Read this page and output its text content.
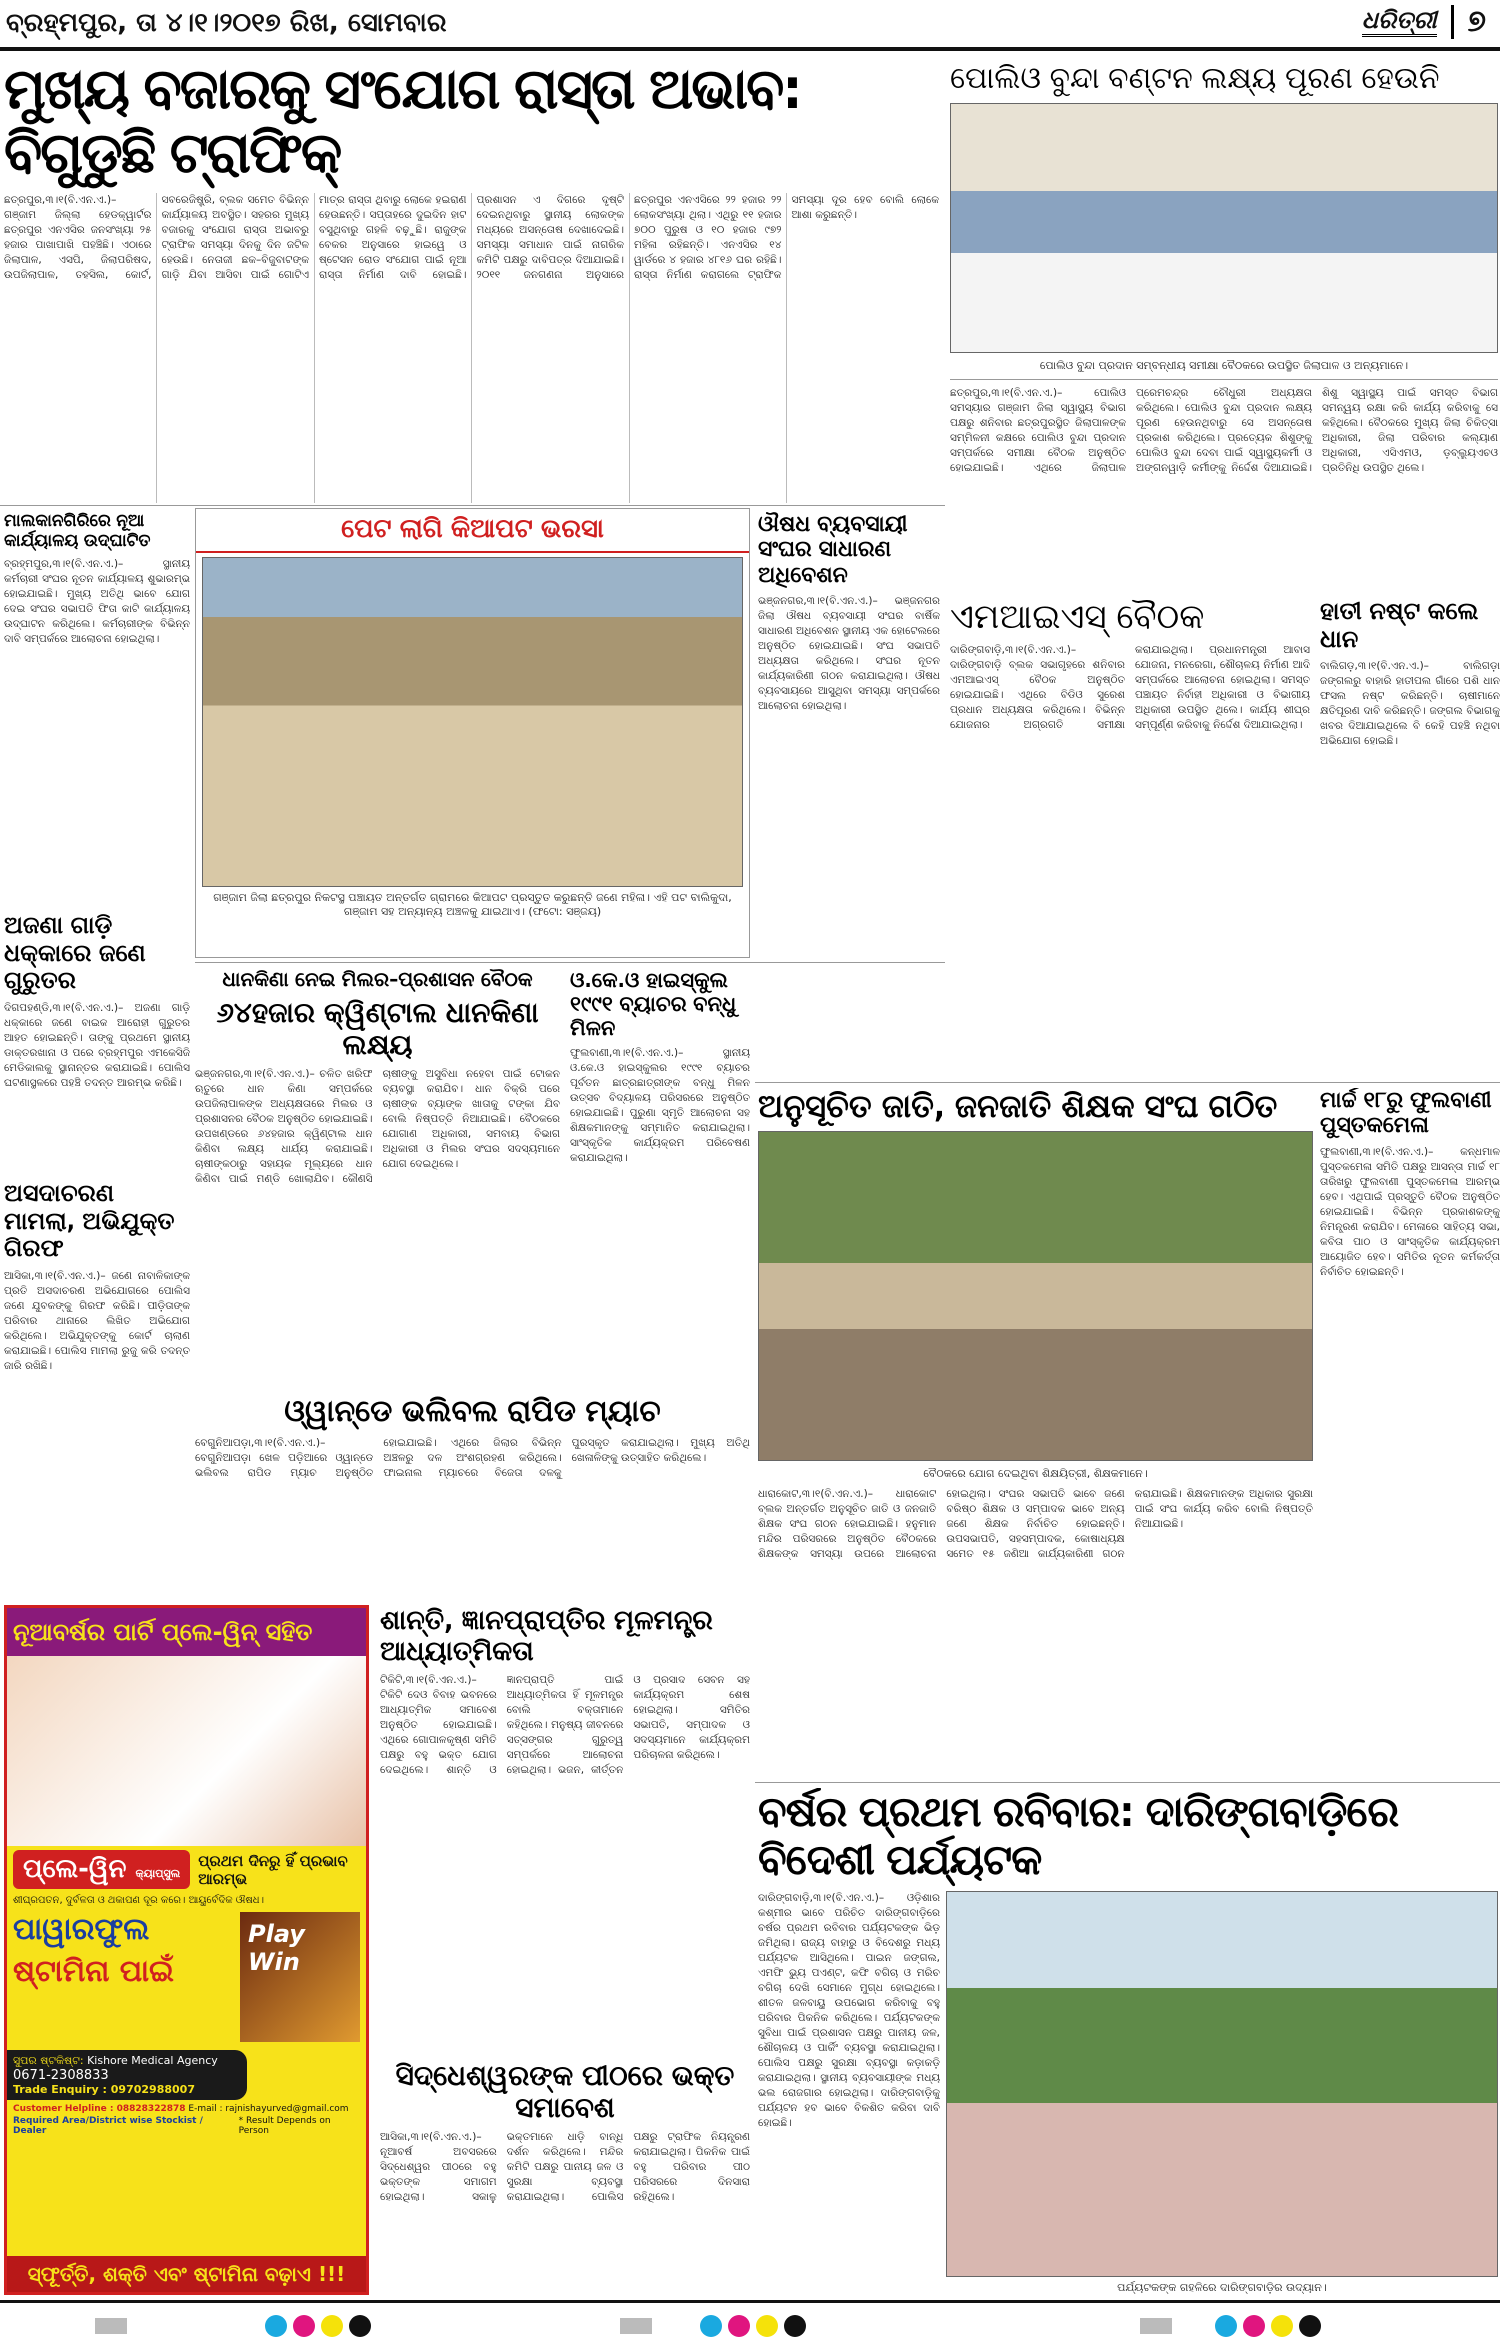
ବ୍ରହ୍ମପୁର, ତା ୪।୧।୨୦୧୭ ରିଖ, ସୋମବାର	ଧରିତ୍ରୀ ୭
ମୁଖ୍ୟ ବଜାରକୁ ସଂଯୋଗ ରାସ୍ତା ଅଭାବ: ବିଗୁଡୁଛି ଟ୍ରାଫିକ୍
ଛତ୍ରପୁର,୩।୧(ବି.ଏନ.ଏ.)– ଗଞ୍ଜାମ ଜିଲ୍ଲା ହେଡକ୍ୱାର୍ଟର ଛତ୍ରପୁର ଏନଏସିର ଜନସଂଖ୍ୟା ୨୫ ହଜାର ପାଖାପାଖି ପହଞ୍ଚିଛି। ଏଠାରେ ଜିଲାପାଳ, ଏସପି, ଜିଲାପରିଷଦ, ଉପଜିଲାପାଳ, ତହସିଲ, କୋର୍ଟ, ସବରେଜିଷ୍ଟ୍ରି, ବ୍ଲକ ସମେତ ବିଭିନ୍ନ କାର୍ଯ୍ୟାଳୟ ଅବସ୍ଥିତ। ସହରର ମୁଖ୍ୟ ବଜାରକୁ ସଂଯୋଗ ରାସ୍ତା ଅଭାବରୁ ଟ୍ରାଫିକ ସମସ୍ୟା ଦିନକୁ ଦିନ ଜଟିଳ ହେଉଛି। ନେତାଜୀ ଛକ–ବିଜୁବାଟଙ୍କ ଗାଡ଼ି ଯିବା ଆସିବା ପାଇଁ ଗୋଟିଏ ମାତ୍ର ରାସ୍ତା ଥିବାରୁ ଲୋକେ ହଇରାଣ ହେଉଛନ୍ତି। ସପ୍ତାହରେ ଦୁଇଦିନ ହାଟ ବସୁଥିବାରୁ ଗହଳି ବଢ଼ୁଛି। ରାଜୁଙ୍କ ବେକର ଅନୁସାରେ ହାଇୱେ ଓ ଷ୍ଟେସନ ରୋଡ ସଂଯୋଗ ପାଇଁ ନୂଆ ରାସ୍ତା ନିର୍ମାଣ ଦାବି ହୋଇଛି। ପ୍ରଶାସନ ଏ ଦିଗରେ ଦୃଷ୍ଟି ଦେଇନଥିବାରୁ ସ୍ଥାନୀୟ ଲୋକଙ୍କ ମଧ୍ୟରେ ଅସନ୍ତୋଷ ଦେଖାଦେଇଛି। ସମସ୍ୟା ସମାଧାନ ପାଇଁ ନାଗରିକ କମିଟି ପକ୍ଷରୁ ଦାବିପତ୍ର ଦିଆଯାଇଛି। ୨୦୧୧ ଜନଗଣନା ଅନୁସାରେ ଛତ୍ରପୁର ଏନଏସିରେ ୨୨ ହଜାର ୨୨ ଲୋକସଂଖ୍ୟା ଥିଲା। ଏଥିରୁ ୧୧ ହଜାର ୭୦୦ ପୁରୁଷ ଓ ୧୦ ହଜାର ୯୭୨ ମହିଳା ରହିଛନ୍ତି। ଏନଏସିର ୧୪ ୱାର୍ଡରେ ୪ ହଜାର ୪୮୧୬ ଘର ରହିଛି। ରାସ୍ତା ନିର୍ମାଣ କରାଗଲେ ଟ୍ରାଫିକ ସମସ୍ୟା ଦୂର ହେବ ବୋଲି ଲୋକେ ଆଶା କରୁଛନ୍ତି।
ପୋଲିଓ ବୁନ୍ଦା ବଣ୍ଟନ ଲକ୍ଷ୍ୟ ପୂରଣ ହେଉନି
ପୋଲିଓ ବୁନ୍ଦା ପ୍ରଦାନ ସମ୍ବନ୍ଧୀୟ ସମୀକ୍ଷା ବୈଠକରେ ଉପସ୍ଥିତ ଜିଲାପାଳ ଓ ଅନ୍ୟମାନେ।
ଛତ୍ରପୁର,୩।୧(ବି.ଏନ.ଏ.)– ପୋଲିଓ ସମସ୍ୟାର ଗଞ୍ଜାମ ଜିଲା ସ୍ୱାସ୍ଥ୍ୟ ବିଭାଗ ପକ୍ଷରୁ ଶନିବାର ଛତ୍ରପୁରସ୍ଥିତ ଜିଲାପାଳଙ୍କ ସମ୍ମିଳନୀ କକ୍ଷରେ ପୋଲିଓ ବୁନ୍ଦା ପ୍ରଦାନ ସମ୍ପର୍କରେ ସମୀକ୍ଷା ବୈଠକ ଅନୁଷ୍ଠିତ ହୋଇଯାଇଛି। ଏଥିରେ ଜିଲାପାଳ ପ୍ରେମଚନ୍ଦ୍ର ଚୌଧୁରୀ ଅଧ୍ୟକ୍ଷତା କରିଥିଲେ। ପୋଲିଓ ବୁନ୍ଦା ପ୍ରଦାନ ଲକ୍ଷ୍ୟ ପୂରଣ ହେଉନଥିବାରୁ ସେ ଅସନ୍ତୋଷ ପ୍ରକାଶ କରିଥିଲେ। ପ୍ରତ୍ୟେକ ଶିଶୁଙ୍କୁ ପୋଲିଓ ବୁନ୍ଦା ଦେବା ପାଇଁ ସ୍ୱାସ୍ଥ୍ୟକର୍ମୀ ଓ ଅଙ୍ଗନୱାଡ଼ି କର୍ମୀଙ୍କୁ ନିର୍ଦ୍ଦେଶ ଦିଆଯାଇଛି। ଶିଶୁ ସ୍ୱାସ୍ଥ୍ୟ ପାଇଁ ସମସ୍ତ ବିଭାଗ ସମନ୍ୱୟ ରକ୍ଷା କରି କାର୍ଯ୍ୟ କରିବାକୁ ସେ କହିଥିଲେ। ବୈଠକରେ ମୁଖ୍ୟ ଜିଲା ଚିକିତ୍ସା ଅଧିକାରୀ, ଜିଲା ପରିବାର କଲ୍ୟାଣ ଅଧିକାରୀ, ଏସିଏମଓ, ଡ଼ବ୍ଲ୍ୟୁଏଚଓ ପ୍ରତିନିଧି ଉପସ୍ଥିତ ଥିଲେ।
ଏମଆଇଏସ୍ ବୈଠକ
ଦାରିଙ୍ଗବାଡ଼ି,୩।୧(ବି.ଏନ.ଏ.)– ଦାରିଙ୍ଗବାଡ଼ି ବ୍ଲକ ସଭାଗୃହରେ ଶନିବାର ଏମଆଇଏସ୍ ବୈଠକ ଅନୁଷ୍ଠିତ ହୋଇଯାଇଛି। ଏଥିରେ ବିଡିଓ ସୁରେଶ ପ୍ରଧାନ ଅଧ୍ୟକ୍ଷତା କରିଥିଲେ। ବିଭିନ୍ନ ଯୋଜନାର ଅଗ୍ରଗତି ସମୀକ୍ଷା କରାଯାଇଥିଲା। ପ୍ରଧାନମନ୍ତ୍ରୀ ଆବାସ ଯୋଜନା, ମନରେଗା, ଶୌଚାଳୟ ନିର୍ମାଣ ଆଦି ସମ୍ପର୍କରେ ଆଲୋଚନା ହୋଇଥିଲା। ସମସ୍ତ ପଞ୍ଚାୟତ ନିର୍ବାହୀ ଅଧିକାରୀ ଓ ବିଭାଗୀୟ ଅଧିକାରୀ ଉପସ୍ଥିତ ଥିଲେ। କାର୍ଯ୍ୟ ଶୀଘ୍ର ସମ୍ପୂର୍ଣ୍ଣ କରିବାକୁ ନିର୍ଦ୍ଦେଶ ଦିଆଯାଇଥିଲା।
ହାତୀ ନଷ୍ଟ କଲେ ଧାନ
ବାଲିଗଡ଼,୩।୧(ବି.ଏନ.ଏ.)– ବାଲିଗଡ଼ା ଜଙ୍ଗଲରୁ ବାହାରି ହାତୀପଲ ଗାଁରେ ପଶି ଧାନ ଫସଲ ନଷ୍ଟ କରିଛନ୍ତି। ଚାଷୀମାନେ କ୍ଷତିପୂରଣ ଦାବି କରିଛନ୍ତି। ଜଙ୍ଗଲ ବିଭାଗକୁ ଖବର ଦିଆଯାଇଥିଲେ ବି କେହି ପହଞ୍ଚି ନଥିବା ଅଭିଯୋଗ ହୋଇଛି।
ମାଲକାନଗିରିରେ ନୂଆ କାର୍ଯ୍ୟାଳୟ ଉଦ୍‌ଘାଟିତ
ବ୍ରହ୍ମପୁର,୩।୧(ବି.ଏନ.ଏ.)– ସ୍ଥାନୀୟ କର୍ମଚାରୀ ସଂଘର ନୂତନ କାର୍ଯ୍ୟାଳୟ ଶୁଭାରମ୍ଭ ହୋଇଯାଇଛି। ମୁଖ୍ୟ ଅତିଥି ଭାବେ ଯୋଗ ଦେଇ ସଂଘର ସଭାପତି ଫିତା କାଟି କାର୍ଯ୍ୟାଳୟ ଉଦ୍‌ଘାଟନ କରିଥିଲେ। କର୍ମଚାରୀଙ୍କ ବିଭିନ୍ନ ଦାବି ସମ୍ପର୍କରେ ଆଲୋଚନା ହୋଇଥିଲା।
ଅଜଣା ଗାଡ଼ି ଧକ୍କାରେ ଜଣେ ଗୁରୁତର
ଦିଗପହଣ୍ଡି,୩।୧(ବି.ଏନ.ଏ.)– ଅଜଣା ଗାଡ଼ି ଧକ୍କାରେ ଜଣେ ବାଇକ ଆରୋହୀ ଗୁରୁତର ଆହତ ହୋଇଛନ୍ତି। ତାଙ୍କୁ ପ୍ରଥମେ ସ୍ଥାନୀୟ ଡାକ୍ତରଖାନା ଓ ପରେ ବ୍ରହ୍ମପୁର ଏମକେସିଜି ମେଡିକାଲକୁ ସ୍ଥାନାନ୍ତର କରାଯାଇଛି। ପୋଲିସ ଘଟଣାସ୍ଥଳରେ ପହଞ୍ଚି ତଦନ୍ତ ଆରମ୍ଭ କରିଛି।
ଅସଦାଚରଣ ମାମଲା, ଅଭିଯୁକ୍ତ ଗିରଫ
ଆସିକା,୩।୧(ବି.ଏନ.ଏ.)– ଜଣେ ନାବାଳିକାଙ୍କ ପ୍ରତି ଅସଦାଚରଣ ଅଭିଯୋଗରେ ପୋଲିସ ଜଣେ ଯୁବକଙ୍କୁ ଗିରଫ କରିଛି। ପୀଡ଼ିତାଙ୍କ ପରିବାର ଥାନାରେ ଲିଖିତ ଅଭିଯୋଗ କରିଥିଲେ। ଅଭିଯୁକ୍ତଙ୍କୁ କୋର୍ଟ ଚାଲାଣ କରାଯାଇଛି। ପୋଲିସ ମାମଲା ରୁଜୁ କରି ତଦନ୍ତ ଜାରି ରଖିଛି।
ପେଟ ଲାଗି କିଆପଟ ଭରସା
ଗଞ୍ଜାମ ଜିଲା ଛତ୍ରପୁର ନିକଟସ୍ଥ ପଞ୍ଚାୟତ ଅନ୍ତର୍ଗତ ଗ୍ରାମରେ କିଆପଟ ପ୍ରସ୍ତୁତ କରୁଛନ୍ତି ଜଣେ ମହିଳା। ଏହି ପଟ ବାଲିକୁଦା, ଗଞ୍ଜାମ ସହ ଅନ୍ୟାନ୍ୟ ଅଞ୍ଚଳକୁ ଯାଇଥାଏ। (ଫଟୋ: ସଞ୍ଜୟ)
ଔଷଧ ବ୍ୟବସାୟୀ ସଂଘର ସାଧାରଣ ଅଧିବେଶନ
ଭଞ୍ଜନଗର,୩।୧(ବି.ଏନ.ଏ.)– ଭଞ୍ଜନଗର ଜିଲା ଔଷଧ ବ୍ୟବସାୟୀ ସଂଘର ବାର୍ଷିକ ସାଧାରଣ ଅଧିବେଶନ ସ୍ଥାନୀୟ ଏକ ହୋଟେଲରେ ଅନୁଷ୍ଠିତ ହୋଇଯାଇଛି। ସଂଘ ସଭାପତି ଅଧ୍ୟକ୍ଷତା କରିଥିଲେ। ସଂଘର ନୂତନ କାର୍ଯ୍ୟକାରିଣୀ ଗଠନ କରାଯାଇଥିଲା। ଔଷଧ ବ୍ୟବସାୟରେ ଆସୁଥିବା ସମସ୍ୟା ସମ୍ପର୍କରେ ଆଲୋଚନା ହୋଇଥିଲା।
ଧାନକିଣା ନେଇ ମିଲର–ପ୍ରଶାସନ ବୈଠକ
୬୪ହଜାର କ୍ୱିଣ୍ଟାଲ ଧାନକିଣା ଲକ୍ଷ୍ୟ
ଭଞ୍ଜନଗର,୩।୧(ବି.ଏନ.ଏ.)– ଚଳିତ ଖରିଫ ଋତୁରେ ଧାନ କିଣା ସମ୍ପର୍କରେ ଉପଜିଲାପାଳଙ୍କ ଅଧ୍ୟକ୍ଷତାରେ ମିଲର ଓ ପ୍ରଶାସନର ବୈଠକ ଅନୁଷ୍ଠିତ ହୋଇଯାଇଛି। ଉପଖଣ୍ଡରେ ୬୪ହଜାର କ୍ୱିଣ୍ଟାଲ ଧାନ କିଣିବା ଲକ୍ଷ୍ୟ ଧାର୍ଯ୍ୟ କରାଯାଇଛି। ଚାଷୀଙ୍କଠାରୁ ସହାୟକ ମୂଲ୍ୟରେ ଧାନ କିଣିବା ପାଇଁ ମଣ୍ଡି ଖୋଲାଯିବ। କୌଣସି ଚାଷୀଙ୍କୁ ଅସୁବିଧା ନହେବା ପାଇଁ ଟୋକନ ବ୍ୟବସ୍ଥା କରାଯିବ। ଧାନ ବିକ୍ରି ପରେ ଚାଷୀଙ୍କ ବ୍ୟାଙ୍କ ଖାତାକୁ ଟଙ୍କା ଯିବ ବୋଲି ନିଷ୍ପତ୍ତି ନିଆଯାଇଛି। ବୈଠକରେ ଯୋଗାଣ ଅଧିକାରୀ, ସମବାୟ ବିଭାଗ ଅଧିକାରୀ ଓ ମିଲର ସଂଘର ସଦସ୍ୟମାନେ ଯୋଗ ଦେଇଥିଲେ।
ଓ.କେ.ଓ ହାଇସ୍କୁଲ ୧୯୯୧ ବ୍ୟାଚର ବନ୍ଧୁ ମିଳନ
ଫୁଲବାଣୀ,୩।୧(ବି.ଏନ.ଏ.)– ସ୍ଥାନୀୟ ଓ.କେ.ଓ ହାଇସ୍କୁଲର ୧୯୯୧ ବ୍ୟାଚର ପୂର୍ବତନ ଛାତ୍ରଛାତ୍ରୀଙ୍କ ବନ୍ଧୁ ମିଳନ ଉତ୍ସବ ବିଦ୍ୟାଳୟ ପରିସରରେ ଅନୁଷ୍ଠିତ ହୋଇଯାଇଛି। ପୁରୁଣା ସ୍ମୃତି ଆଲୋଚନା ସହ ଶିକ୍ଷକମାନଙ୍କୁ ସମ୍ମାନିତ କରାଯାଇଥିଲା। ସାଂସ୍କୃତିକ କାର୍ଯ୍ୟକ୍ରମ ପରିବେଷଣ କରାଯାଇଥିଲା।
ଓ୍ୱାନ୍‌ଡେ ଭଲିବଲ ରାପିଡ ମ୍ୟାଚ
ବେଗୁନିଆପଡ଼ା,୩।୧(ବି.ଏନ.ଏ.)– ବେଗୁନିଆପଡ଼ା ଖେଳ ପଡ଼ିଆରେ ଓ୍ୱାନ୍‌ଡେ ଭଲିବଲ ରାପିଡ ମ୍ୟାଚ ଅନୁଷ୍ଠିତ ହୋଇଯାଇଛି। ଏଥିରେ ଜିଲାର ବିଭିନ୍ନ ଅଞ୍ଚଳରୁ ଦଳ ଅଂଶଗ୍ରହଣ କରିଥିଲେ। ଫାଇନାଲ ମ୍ୟାଚରେ ବିଜେତା ଦଳକୁ ପୁରସ୍କୃତ କରାଯାଇଥିଲା। ମୁଖ୍ୟ ଅତିଥି ଖେଳାଳିଙ୍କୁ ଉତ୍ସାହିତ କରିଥିଲେ।
ଅନୁସୂଚିତ ଜାତି, ଜନଜାତି ଶିକ୍ଷକ ସଂଘ ଗଠିତ
ବୈଠକରେ ଯୋଗ ଦେଇଥିବା ଶିକ୍ଷୟିତ୍ରୀ, ଶିକ୍ଷକମାନେ।
ଧାରାକୋଟ,୩।୧(ବି.ଏନ.ଏ.)– ଧାରାକୋଟ ବ୍ଲକ ଅନ୍ତର୍ଗତ ଅନୁସୂଚିତ ଜାତି ଓ ଜନଜାତି ଶିକ୍ଷକ ସଂଘ ଗଠନ ହୋଇଯାଇଛି। ହନୁମାନ ମନ୍ଦିର ପରିସରରେ ଅନୁଷ୍ଠିତ ବୈଠକରେ ଶିକ୍ଷକଙ୍କ ସମସ୍ୟା ଉପରେ ଆଲୋଚନା ହୋଇଥିଲା। ସଂଘର ସଭାପତି ଭାବେ ଜଣେ ବରିଷ୍ଠ ଶିକ୍ଷକ ଓ ସମ୍ପାଦକ ଭାବେ ଅନ୍ୟ ଜଣେ ଶିକ୍ଷକ ନିର୍ବାଚିତ ହୋଇଛନ୍ତି। ଉପସଭାପତି, ସହସମ୍ପାଦକ, କୋଷାଧ୍ୟକ୍ଷ ସମେତ ୧୫ ଜଣିଆ କାର୍ଯ୍ୟକାରିଣୀ ଗଠନ କରାଯାଇଛି। ଶିକ୍ଷକମାନଙ୍କ ଅଧିକାର ସୁରକ୍ଷା ପାଇଁ ସଂଘ କାର୍ଯ୍ୟ କରିବ ବୋଲି ନିଷ୍ପତ୍ତି ନିଆଯାଇଛି।
ମାର୍ଚ୍ଚ ୧୮ରୁ ଫୁଲବାଣୀ ପୁସ୍ତକମେଳା
ଫୁଲବାଣୀ,୩।୧(ବି.ଏନ.ଏ.)– କନ୍ଧମାଳ ପୁସ୍ତକମେଳା ସମିତି ପକ୍ଷରୁ ଆସନ୍ତା ମାର୍ଚ୍ଚ ୧୮ ତାରିଖରୁ ଫୁଲବାଣୀ ପୁସ୍ତକମେଳା ଆରମ୍ଭ ହେବ। ଏଥିପାଇଁ ପ୍ରସ୍ତୁତି ବୈଠକ ଅନୁଷ୍ଠିତ ହୋଇଯାଇଛି। ବିଭିନ୍ନ ପ୍ରକାଶକଙ୍କୁ ନିମନ୍ତ୍ରଣ କରାଯିବ। ମେଳାରେ ସାହିତ୍ୟ ସଭା, କବିତା ପାଠ ଓ ସାଂସ୍କୃତିକ କାର୍ଯ୍ୟକ୍ରମ ଆୟୋଜିତ ହେବ। ସମିତିର ନୂତନ କର୍ମକର୍ତ୍ତା ନିର୍ବାଚିତ ହୋଇଛନ୍ତି।
ନୂଆବର୍ଷର ପାର୍ଟି ପ୍ଲେ-ୱିନ୍ ସହିତ
ପ୍ଲେ-ୱିନ କ୍ୟାପ୍ସୁଲ
ପ୍ରଥମ ଦିନରୁ ହିଁ ପ୍ରଭାବ ଆରମ୍ଭ
ଶୀଘ୍ରପତନ, ଦୁର୍ବଳତା ଓ ଥକାପଣ ଦୂର କରେ। ଆୟୁର୍ବେଦିକ ଔଷଧ।
ପାୱାରଫୁଲ
ଷ୍ଟାମିନା ପାଇଁ
Play Win
ସୁପର ଷ୍ଟକିଷ୍ଟ: Kishore Medical Agency
0671-2308833
Trade Enquiry : 09702988007
Customer Helpline : 08828322878 E-mail : rajnishayurved@gmail.com
Required Area/District wise Stockist / Dealer
* Result Depends on Person
ସ୍ଫୂର୍ତ୍ତି, ଶକ୍ତି ଏବଂ ଷ୍ଟାମିନା ବଢ଼ାଏ !!!
ଶାନ୍ତି, ଜ୍ଞାନପ୍ରାପ୍ତିର ମୂଳମନ୍ତ୍ର ଆଧ୍ୟାତ୍ମିକତା
ଟିକିଟି,୩।୧(ବି.ଏନ.ଏ.)– ଟିକିଟି ଦେଓ ବିବାହ ଭବନରେ ଆଧ୍ୟାତ୍ମିକ ସମାବେଶ ଅନୁଷ୍ଠିତ ହୋଇଯାଇଛି। ଏଥିରେ ଗୋପାଳକୃଷ୍ଣ ସମିତି ପକ୍ଷରୁ ବହୁ ଭକ୍ତ ଯୋଗ ଦେଇଥିଲେ। ଶାନ୍ତି ଓ ଜ୍ଞାନପ୍ରାପ୍ତି ପାଇଁ ଆଧ୍ୟାତ୍ମିକତା ହିଁ ମୂଳମନ୍ତ୍ର ବୋଲି ବକ୍ତାମାନେ କହିଥିଲେ। ମନୁଷ୍ୟ ଜୀବନରେ ସତ୍‌ସଙ୍ଗର ଗୁରୁତ୍ୱ ସମ୍ପର୍କରେ ଆଲୋଚନା ହୋଇଥିଲା। ଭଜନ, କୀର୍ତ୍ତନ ଓ ପ୍ରସାଦ ସେବନ ସହ କାର୍ଯ୍ୟକ୍ରମ ଶେଷ ହୋଇଥିଲା। ସମିତିର ସଭାପତି, ସମ୍ପାଦକ ଓ ସଦସ୍ୟମାନେ କାର୍ଯ୍ୟକ୍ରମ ପରିଚାଳନା କରିଥିଲେ।
ସିଦ୍ଧେଶ୍ୱରଙ୍କ ପୀଠରେ ଭକ୍ତ ସମାବେଶ
ଆସିକା,୩।୧(ବି.ଏନ.ଏ.)– ନୂଆବର୍ଷ ଅବସରରେ ସିଦ୍ଧେଶ୍ୱର ପୀଠରେ ବହୁ ଭକ୍ତଙ୍କ ସମାଗମ ହୋଇଥିଲା। ସକାଳୁ ଭକ୍ତମାନେ ଧାଡ଼ି ବାନ୍ଧି ଦର୍ଶନ କରିଥିଲେ। ମନ୍ଦିର କମିଟି ପକ୍ଷରୁ ପାନୀୟ ଜଳ ଓ ସୁରକ୍ଷା ବ୍ୟବସ୍ଥା କରାଯାଇଥିଲା। ପୋଲିସ ପକ୍ଷରୁ ଟ୍ରାଫିକ ନିୟନ୍ତ୍ରଣ କରାଯାଇଥିଲା। ପିକନିକ ପାଇଁ ବହୁ ପରିବାର ପୀଠ ପରିସରରେ ଦିନସାରା ରହିଥିଲେ।
ବର୍ଷର ପ୍ରଥମ ରବିବାର: ଦାରିଙ୍ଗବାଡ଼ିରେ ବିଦେଶୀ ପର୍ଯ୍ୟଟକ
ଦାରିଙ୍ଗବାଡ଼ି,୩।୧(ବି.ଏନ.ଏ.)– ଓଡ଼ିଶାର କଶ୍ମୀର ଭାବେ ପରିଚିତ ଦାରିଙ୍ଗବାଡ଼ିରେ ବର୍ଷର ପ୍ରଥମ ରବିବାର ପର୍ଯ୍ୟଟକଙ୍କ ଭିଡ଼ ଜମିଥିଲା। ରାଜ୍ୟ ବାହାରୁ ଓ ବିଦେଶରୁ ମଧ୍ୟ ପର୍ଯ୍ୟଟକ ଆସିଥିଲେ। ପାଇନ ଜଙ୍ଗଲ, ଏମଫି ଭ୍ୟୁ ପଏଣ୍ଟ, କଫି ବଗିଚା ଓ ମରିଚ ବଗିଚା ଦେଖି ସେମାନେ ମୁଗ୍ଧ ହୋଇଥିଲେ। ଶୀତଳ ଜଳବାୟୁ ଉପଭୋଗ କରିବାକୁ ବହୁ ପରିବାର ପିକନିକ କରିଥିଲେ। ପର୍ଯ୍ୟଟକଙ୍କ ସୁବିଧା ପାଇଁ ପ୍ରଶାସନ ପକ୍ଷରୁ ପାନୀୟ ଜଳ, ଶୌଚାଳୟ ଓ ପାର୍କିଂ ବ୍ୟବସ୍ଥା କରାଯାଇଥିଲା। ପୋଲିସ ପକ୍ଷରୁ ସୁରକ୍ଷା ବ୍ୟବସ୍ଥା କଡ଼ାକଡ଼ି କରାଯାଇଥିଲା। ସ୍ଥାନୀୟ ବ୍ୟବସାୟୀଙ୍କ ମଧ୍ୟ ଭଲ ରୋଜଗାର ହୋଇଥିଲା। ଦାରିଙ୍ଗବାଡ଼ିକୁ ପର୍ଯ୍ୟଟନ ହବ ଭାବେ ବିକଶିତ କରିବା ଦାବି ହୋଇଛି।
ପର୍ଯ୍ୟଟକଙ୍କ ଗହଳିରେ ଦାରିଙ୍ଗବାଡ଼ିର ଉଦ୍ୟାନ।
